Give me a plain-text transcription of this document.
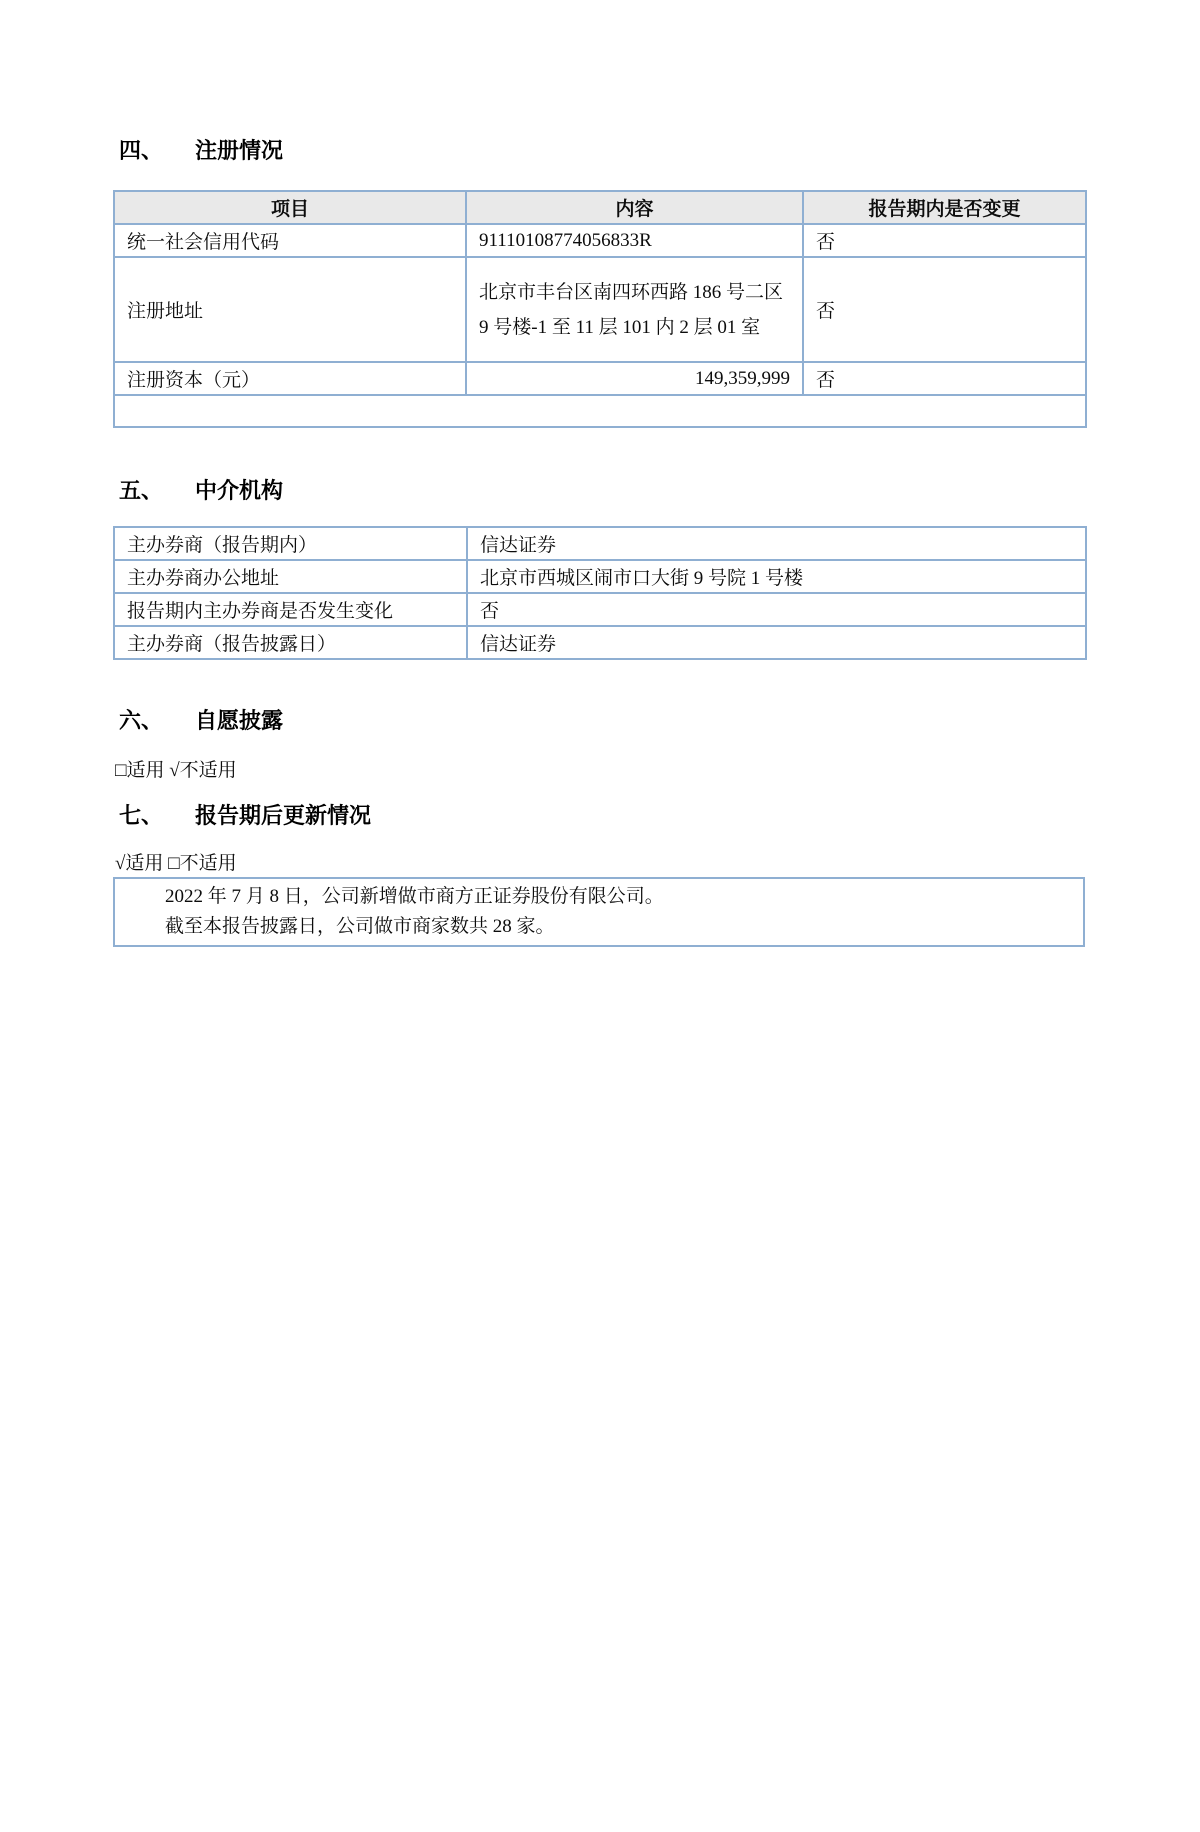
四、 注册情况
项目	内容	报告期内是否变更
统一社会信用代码	91110108774056833R	否
注册地址	北京市丰台区南四环西路 186 号二区 9 号楼-1 至 11 层 101 内 2 层 01 室	否
注册资本（元）	149,359,999	否

五、 中介机构
主办券商（报告期内）	信达证券
主办券商办公地址	北京市西城区闹市口大街 9 号院 1 号楼
报告期内主办券商是否发生变化	否
主办券商（报告披露日）	信达证券
六、 自愿披露
□适用 √不适用
七、 报告期后更新情况
√适用 □不适用

2022 年 7 月 8 日，公司新增做市商方正证券股份有限公司。

截至本报告披露日，公司做市商家数共 28 家。
